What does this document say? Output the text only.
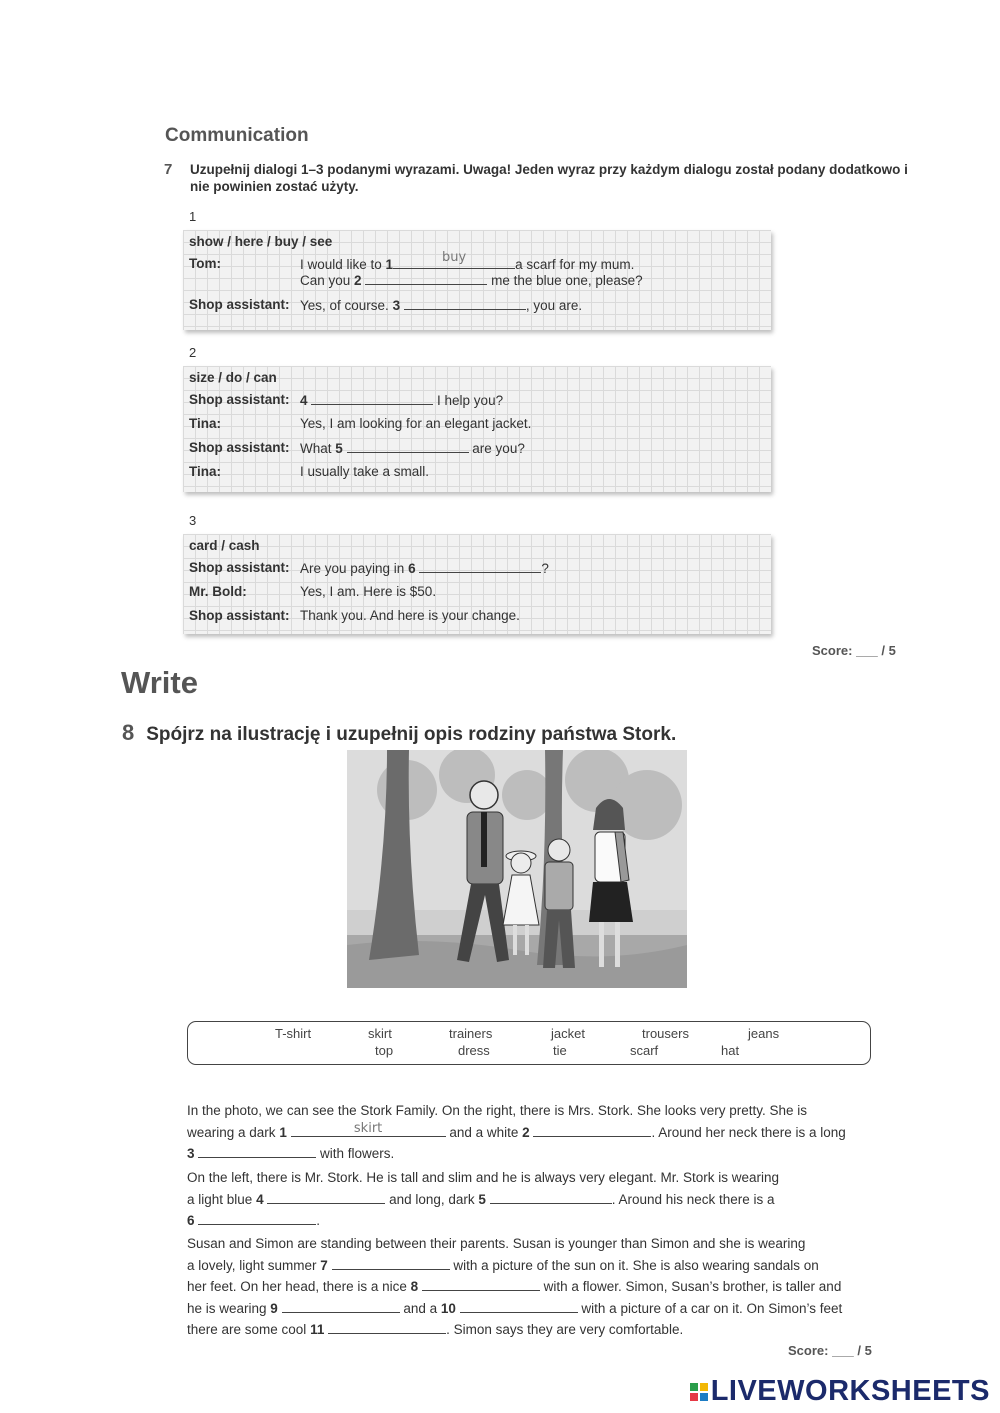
Communication
7 Uzupełnij dialogi 1–3 podanymi wyrazami. Uwaga! Jeden wyraz przy każdym dialogu został podany dodatkowo i nie powinien zostać użyty.
1
show / here / buy / see
Tom:	I would like to 1	buy	a scarf for my mum.
Can you 2	me the blue one, please?
Shop assistant: Yes, of course. 3	, you are.
2
size / do / can
Shop assistant: 4	I help you?
Tina:	Yes, I am looking for an elegant jacket.
Shop assistant: What 5	are you?
Tina:	I usually take a small.
3
card / cash
Shop assistant: Are you paying in 6	?
Mr. Bold:	Yes, I am. Here is $50.
Shop assistant: Thank you. And here is your change.
Score: ___ / 5
Write
8 Spójrz na ilustrację i uzupełnij opis rodziny państwa Stork.
T-shirt	skirt	trainers	jacket	trousers	jeans
top	dress	tie	scarf	hat
In the photo, we can see the Stork Family. On the right, there is Mrs. Stork. She looks very pretty. She is
wearing a dark 1	skirt	and a white 2	. Around her neck there is a long
3	with flowers.
On the left, there is Mr. Stork. He is tall and slim and he is always very elegant. Mr. Stork is wearing
a light blue 4	and long, dark 5	. Around his neck there is a
6	.
Susan and Simon are standing between their parents. Susan is younger than Simon and she is wearing
a lovely, light summer 7	with a picture of the sun on it. She is also wearing sandals on
her feet. On her head, there is a nice 8	with a flower. Simon, Susan’s brother, is taller and
he is wearing 9	and a 10	with a picture of a car on it. On Simon’s feet
there are some cool 11	. Simon says they are very comfortable.
Score: ___ / 5
LIVEWORKSHEETS
